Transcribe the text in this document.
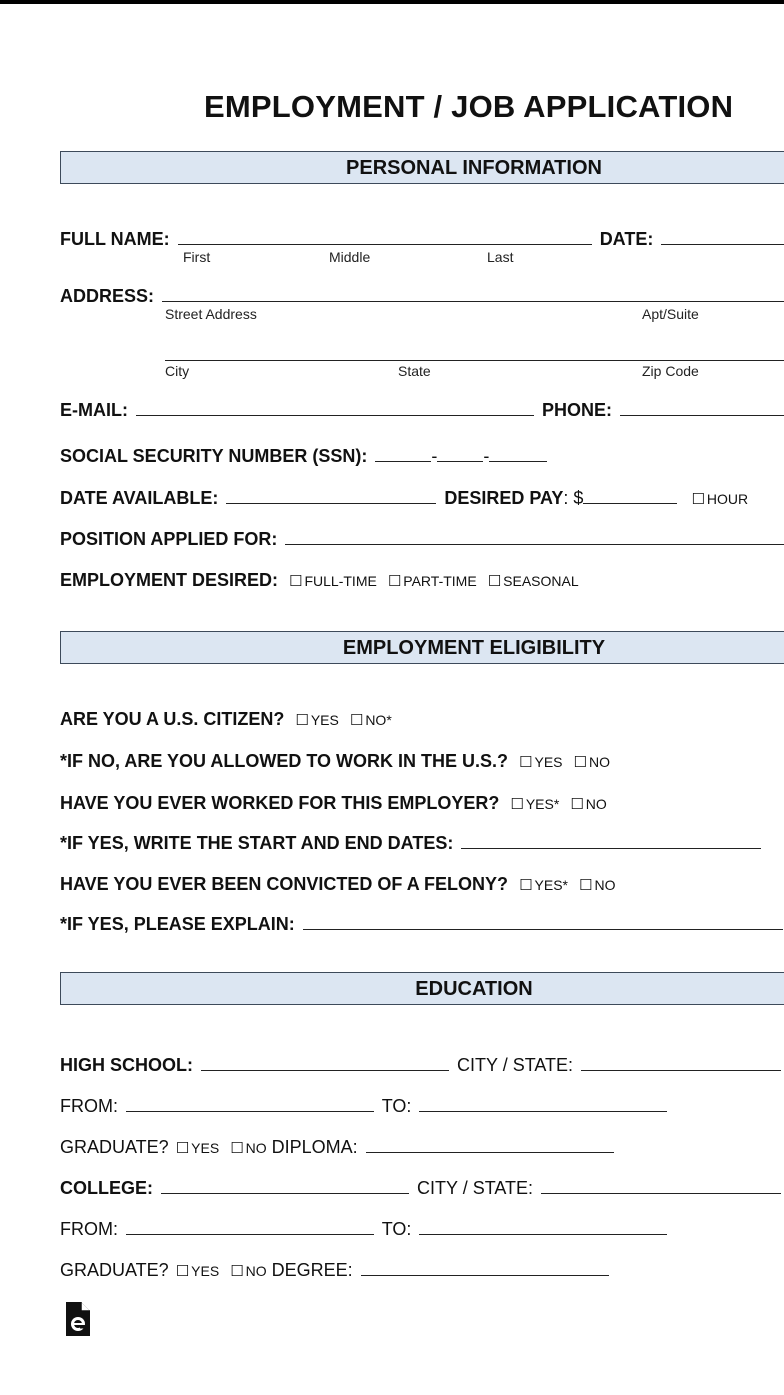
EMPLOYMENT / JOB APPLICATION
PERSONAL INFORMATION
FULL NAME:	DATE:
First	Middle	Last
ADDRESS:
Street Address	Apt/Suite
City	State	Zip Code
E-MAIL:	PHONE:
SOCIAL SECURITY NUMBER (SSN):	-	-
DATE AVAILABLE:	DESIRED PAY: $	☐ HOUR
POSITION APPLIED FOR:
EMPLOYMENT DESIRED: ☐ FULL-TIME ☐ PART-TIME ☐ SEASONAL
EMPLOYMENT ELIGIBILITY
ARE YOU A U.S. CITIZEN? ☐ YES ☐ NO*
*IF NO, ARE YOU ALLOWED TO WORK IN THE U.S.? ☐ YES ☐ NO
HAVE YOU EVER WORKED FOR THIS EMPLOYER? ☐ YES* ☐ NO
*IF YES, WRITE THE START AND END DATES:
HAVE YOU EVER BEEN CONVICTED OF A FELONY? ☐ YES* ☐ NO
*IF YES, PLEASE EXPLAIN:
EDUCATION
HIGH SCHOOL:	CITY / STATE:
FROM:	TO:
GRADUATE? ☐ YES ☐ NO DIPLOMA:
COLLEGE:	CITY / STATE:
FROM:	TO:
GRADUATE? ☐ YES ☐ NO DEGREE:
